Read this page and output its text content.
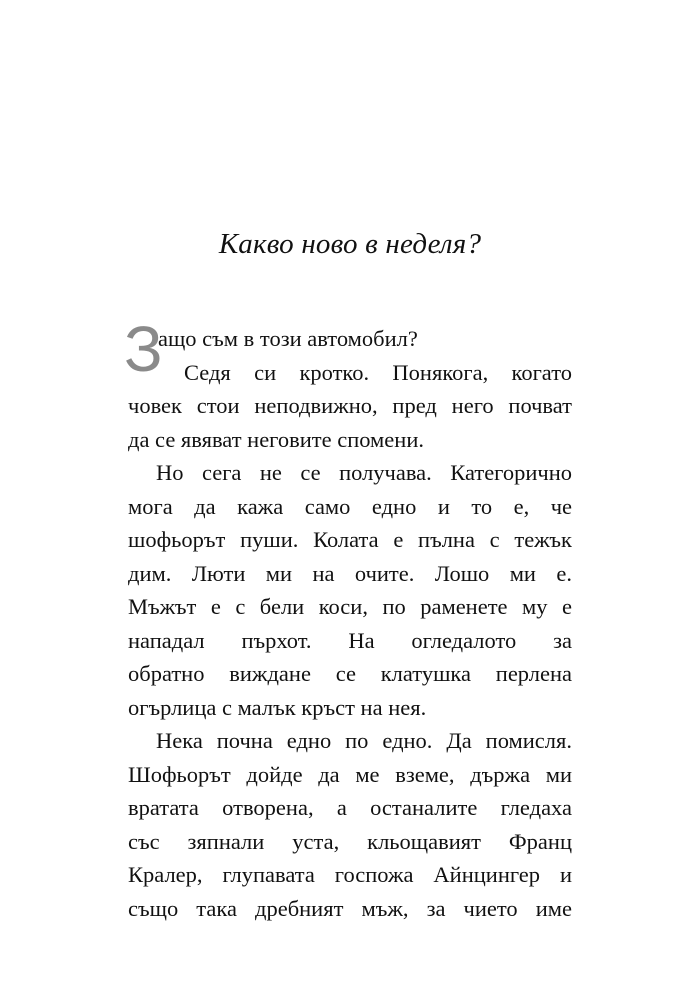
Какво ново в неделя?
З
ащо съм в този автомобил?
Седя си кротко. Понякога, когато
човек стои неподвижно, пред него почват
да се явяват неговите спомени.
Но сега не се получава. Категорично
мога да кажа само едно и то е, че
шофьорът пуши. Колата е пълна с тежък
дим. Люти ми на очите. Лошо ми е.
Мъжът е с бели коси, по раменете му е
нападал пърхот. На огледалото за
обратно виждане се клатушка перлена
огърлица с малък кръст на нея.
Нека почна едно по едно. Да помисля.
Шофьорът дойде да ме вземе, държа ми
вратата отворена, а останалите гледаха
със зяпнали уста, кльощавият Франц
Кралер, глупавата госпожа Айнцингер и
също така дребният мъж, за чието име
